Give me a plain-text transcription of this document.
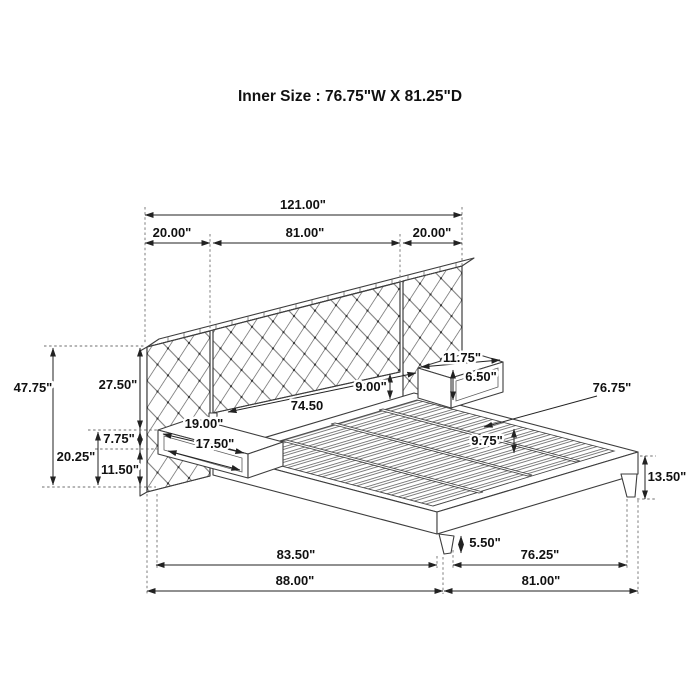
Inner Size : 76.75"W X 81.25"D
121.00"
20.00"	81.00"	20.00"
47.75"	27.50"
20.25"
7.75"
11.50"
19.00"
17.50"
74.50
9.00"
11.75"
6.50"
76.75"
9.75"
13.50"
5.50"
83.50"	76.25"
88.00"	81.00"
